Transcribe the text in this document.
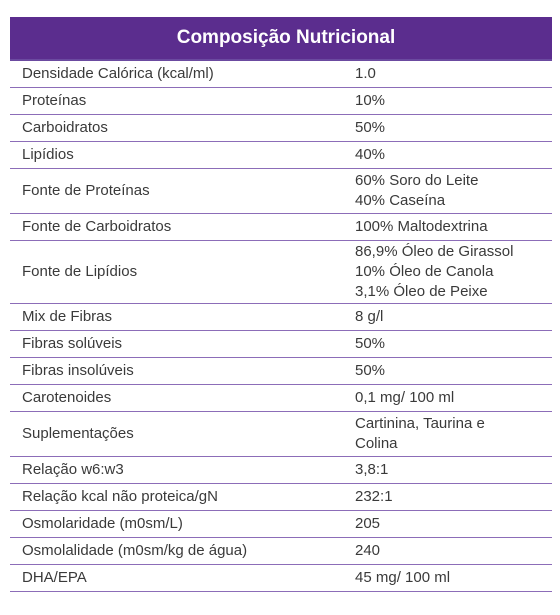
Composição Nutricional
Densidade Calórica (kcal/ml)	1.0

Proteínas	10%

Carboidratos	50%

Lipídios	40%

Fonte de Proteínas	60% Soro do Leite
40% Caseína

Fonte de Carboidratos	100% Maltodextrina

Fonte de Lipídios	86,9% Óleo de Girassol
10% Óleo de Canola
3,1% Óleo de Peixe

Mix de Fibras	8 g/l

Fibras solúveis	50%

Fibras insolúveis	50%

Carotenoides	0,1 mg/ 100 ml

Suplementações	Cartinina, Taurina e
Colina

Relação w6:w3	3,8:1

Relação kcal não proteica/gN	232:1

Osmolaridade (m0sm/L)	205

Osmolalidade (m0sm/kg de água)	240

DHA/EPA	45 mg/ 100 ml
